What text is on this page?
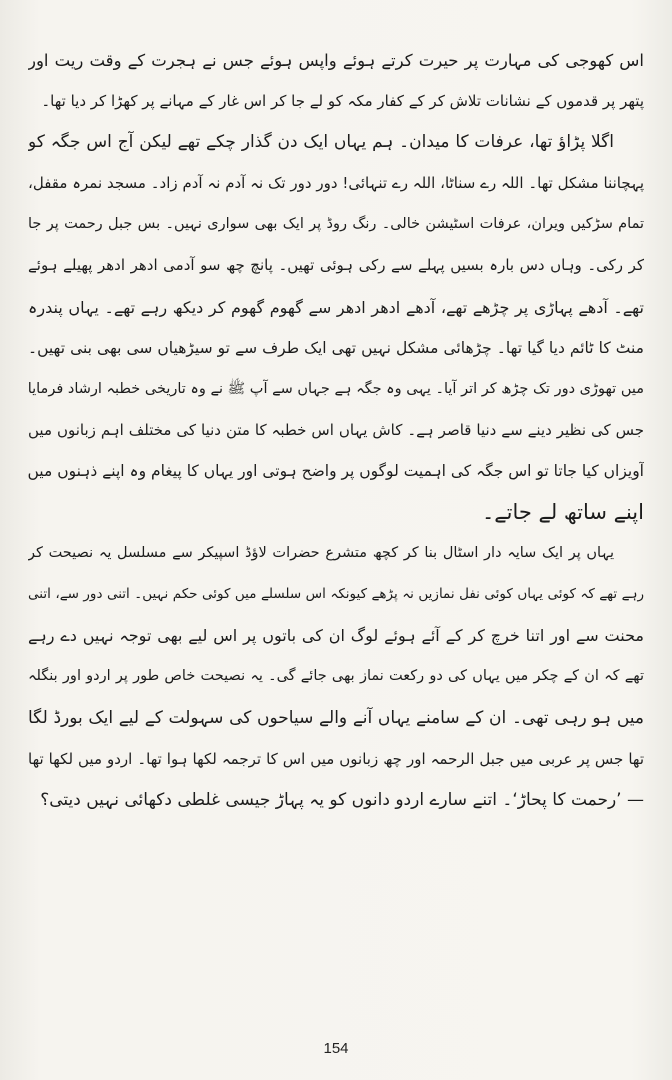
اس کھوجی کی مہارت پر حیرت کرتے ہوئے واپس ہوئے جس نے ہجرت کے وقت ریت اور
پتھر پر قدموں کے نشانات تلاش کر کے کفار مکہ کو لے جا کر اس غار کے مہانے پر کھڑا کر دیا تھا۔
اگلا پڑاؤ تھا، عرفات کا میدان۔ ہم یہاں ایک دن گذار چکے تھے لیکن آج اس جگہ کو
پہچاننا مشکل تھا۔ اللہ رے سناٹا، اللہ رے تنہائی! دور دور تک نہ آدم نہ آدم زاد۔ مسجد نمرہ مقفل،
تمام سڑکیں ویران، عرفات اسٹیشن خالی۔ رنگ روڈ پر ایک بھی سواری نہیں۔ بس جبل رحمت پر جا
کر رکی۔ وہاں دس بارہ بسیں پہلے سے رکی ہوئی تھیں۔ پانچ چھ سو آدمی ادھر ادھر پھیلے ہوئے
تھے۔ آدھے پہاڑی پر چڑھے تھے، آدھے ادھر ادھر سے گھوم گھوم کر دیکھ رہے تھے۔ یہاں پندرہ
منٹ کا ٹائم دیا گیا تھا۔ چڑھائی مشکل نہیں تھی ایک طرف سے تو سیڑھیاں سی بھی بنی تھیں۔
میں تھوڑی دور تک چڑھ کر اتر آیا۔ یہی وہ جگہ ہے جہاں سے آپ ﷺ نے وہ تاریخی خطبہ ارشاد فرمایا
جس کی نظیر دینے سے دنیا قاصر ہے۔ کاش یہاں اس خطبہ کا متن دنیا کی مختلف اہم زبانوں میں
آویزاں کیا جاتا تو اس جگہ کی اہمیت لوگوں پر واضح ہوتی اور یہاں کا پیغام وہ اپنے ذہنوں میں
اپنے ساتھ لے جاتے۔
یہاں پر ایک سایہ دار اسٹال بنا کر کچھ متشرع حضرات لاؤڈ اسپیکر سے مسلسل یہ نصیحت کر
رہے تھے کہ کوئی یہاں کوئی نفل نمازیں نہ پڑھے کیونکہ اس سلسلے میں کوئی حکم نہیں۔ اتنی دور سے، اتنی
محنت سے اور اتنا خرچ کر کے آئے ہوئے لوگ ان کی باتوں پر اس لیے بھی توجہ نہیں دے رہے
تھے کہ ان کے چکر میں یہاں کی دو رکعت نماز بھی جائے گی۔ یہ نصیحت خاص طور پر اردو اور بنگلہ
میں ہو رہی تھی۔ ان کے سامنے یہاں آنے والے سیاحوں کی سہولت کے لیے ایک بورڈ لگا
تھا جس پر عربی میں جبل الرحمہ اور چھ زبانوں میں اس کا ترجمہ لکھا ہوا تھا۔ اردو میں لکھا تھا
— ’رحمت کا پحاڑ‘۔ اتنے سارے اردو دانوں کو یہ پہاڑ جیسی غلطی دکھائی نہیں دیتی؟
154
